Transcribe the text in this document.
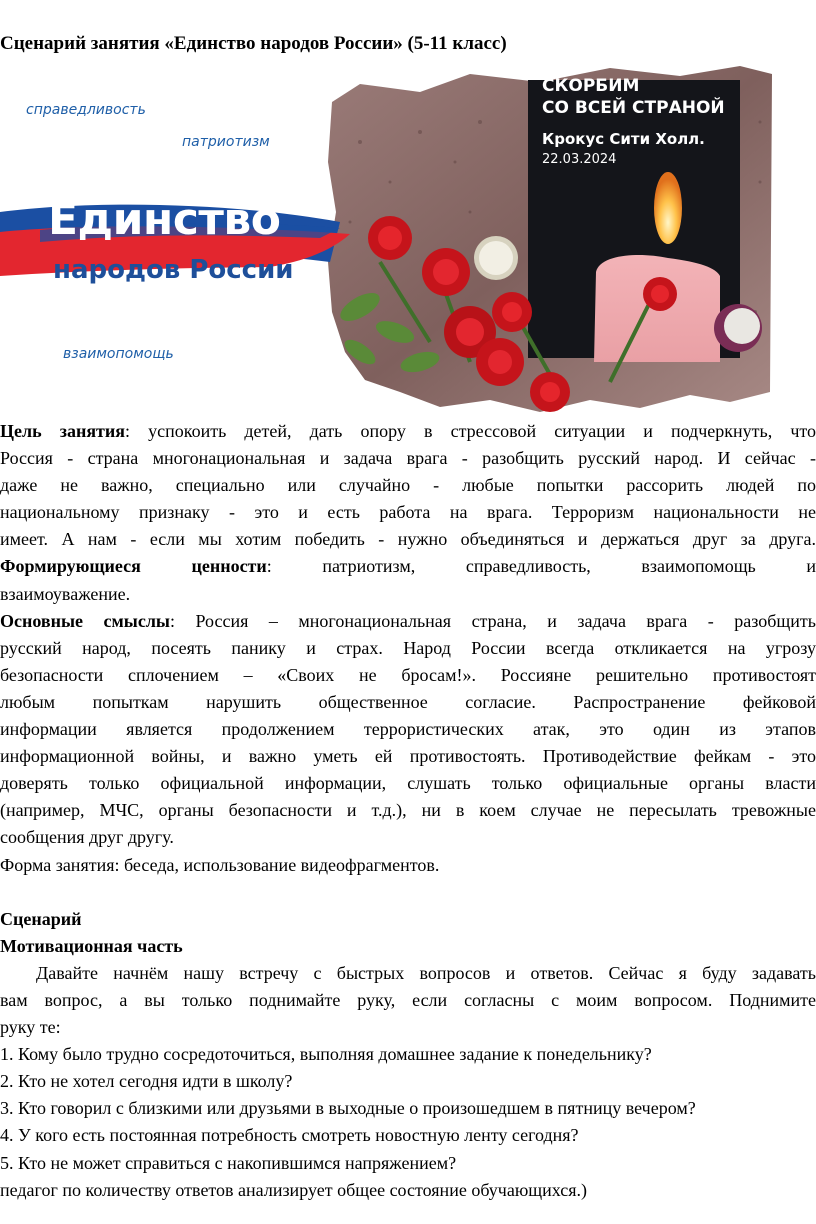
Сценарий занятия «Единство народов России» (5-11 класс)
справедливость
патриотизм
взаимопомощь
Единство
народов России
СКОРБИМ
СО ВСЕЙ СТРАНОЙ
Крокус Сити Холл.
22.03.2024
Цель занятия: успокоить детей, дать опору в стрессовой ситуации и подчеркнуть, что
Россия - страна многонациональная и задача врага - разобщить русский народ. И сейчас -
даже не важно, специально или случайно - любые попытки рассорить людей по
национальному признаку - это и есть работа на врага. Терроризм национальности не
имеет. А нам - если мы хотим победить - нужно объединяться и держаться друг за друга.
Формирующиеся ценности: патриотизм, справедливость, взаимопомощь и
взаимоуважение.
Основные смыслы: Россия – многонациональная страна, и задача врага - разобщить
русский народ, посеять панику и страх. Народ России всегда откликается на угрозу
безопасности сплочением – «Своих не бросам!». Россияне решительно противостоят
любым попыткам нарушить общественное согласие. Распространение фейковой
информации является продолжением террористических атак, это один из этапов
информационной войны, и важно уметь ей противостоять. Противодействие фейкам - это
доверять только официальной информации, слушать только официальные органы власти
(например, МЧС, органы безопасности и т.д.), ни в коем случае не пересылать тревожные
сообщения друг другу.
Форма занятия: беседа, использование видеофрагментов.
Сценарий
Мотивационная часть
Давайте начнём нашу встречу с быстрых вопросов и ответов. Сейчас я буду задавать
вам вопрос, а вы только поднимайте руку, если согласны с моим вопросом. Поднимите
руку те:
1. Кому было трудно сосредоточиться, выполняя домашнее задание к понедельнику?
2. Кто не хотел сегодня идти в школу?
3. Кто говорил с близкими или друзьями в выходные о произошедшем в пятницу вечером?
4. У кого есть постоянная потребность смотреть новостную ленту сегодня?
5. Кто не может справиться с накопившимся напряжением?
педагог по количеству ответов анализирует общее состояние обучающихся.)
